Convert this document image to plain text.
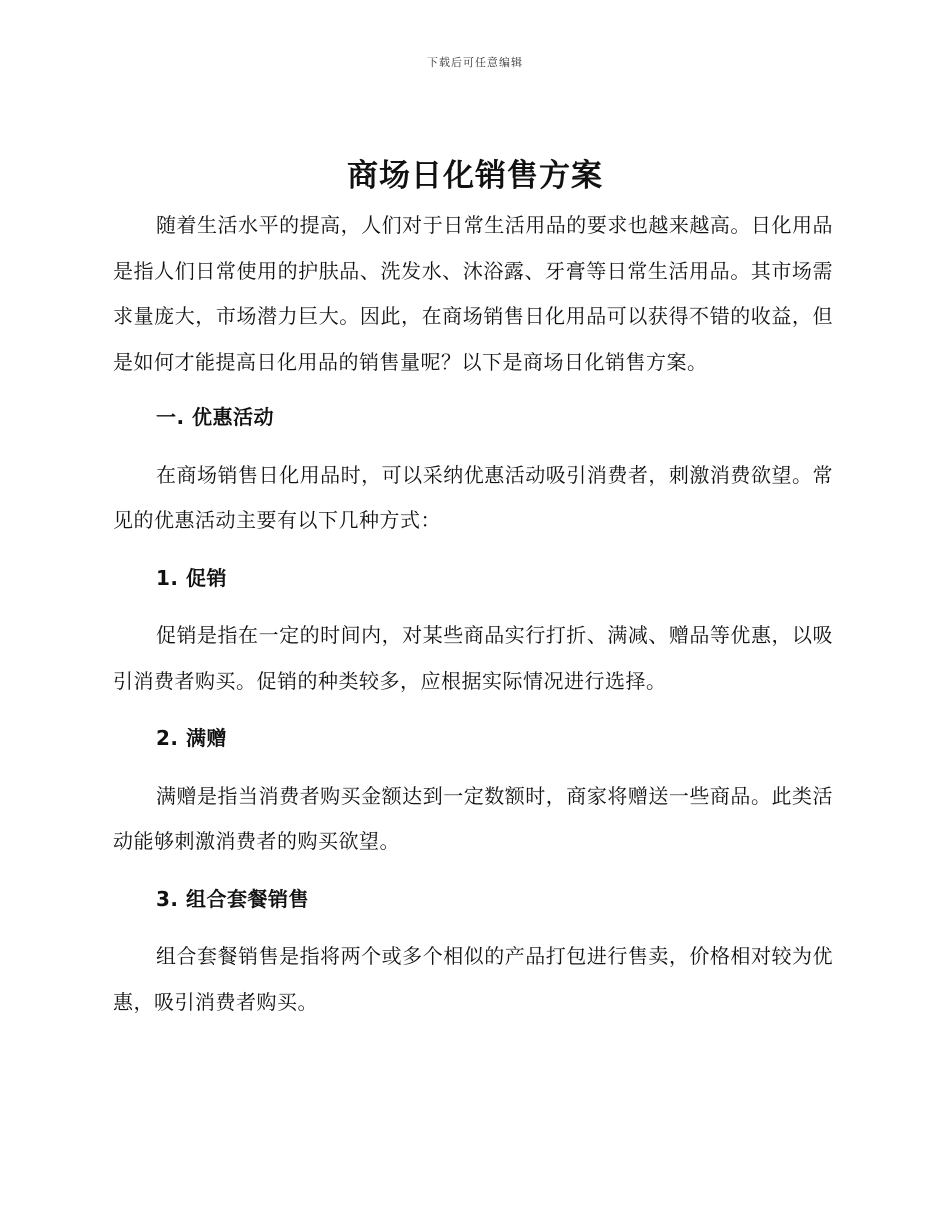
下载后可任意编辑
商场日化销售方案

随着生活水平的提高，人们对于日常生活用品的要求也越来越高。日化用品是指人们日常使用的护肤品、洗发水、沐浴露、牙膏等日常生活用品。其市场需求量庞大，市场潜力巨大。因此，在商场销售日化用品可以获得不错的收益，但是如何才能提高日化用品的销售量呢？以下是商场日化销售方案。

一. 优惠活动

在商场销售日化用品时，可以采纳优惠活动吸引消费者，刺激消费欲望。常见的优惠活动主要有以下几种方式：

1. 促销

促销是指在一定的时间内，对某些商品实行打折、满减、赠品等优惠，以吸引消费者购买。促销的种类较多，应根据实际情况进行选择。

2. 满赠

满赠是指当消费者购买金额达到一定数额时，商家将赠送一些商品。此类活动能够刺激消费者的购买欲望。

3. 组合套餐销售

组合套餐销售是指将两个或多个相似的产品打包进行售卖，价格相对较为优惠，吸引消费者购买。
